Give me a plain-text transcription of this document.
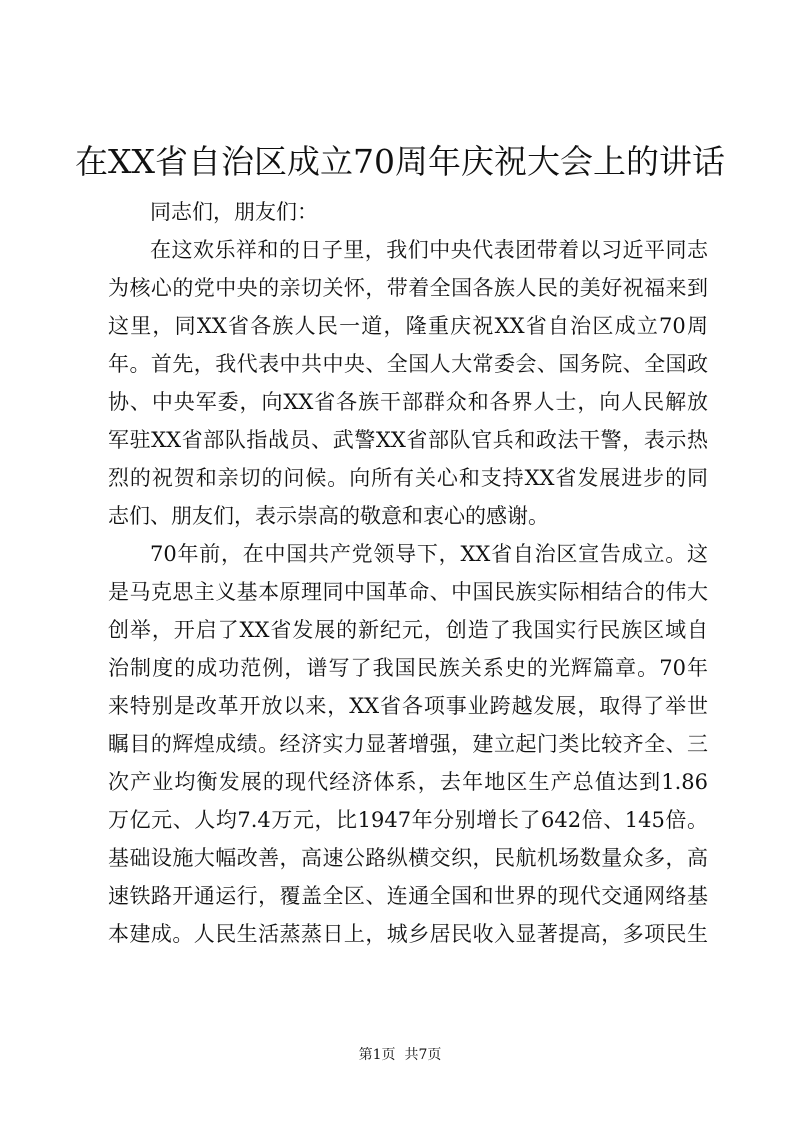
在XX省自治区成立70周年庆祝大会上的讲话
同志们，朋友们：
在这欢乐祥和的日子里，我们中央代表团带着以习近平同志
为核心的党中央的亲切关怀，带着全国各族人民的美好祝福来到
这里，同XX省各族人民一道，隆重庆祝XX省自治区成立70周
年。首先，我代表中共中央、全国人大常委会、国务院、全国政
协、中央军委，向XX省各族干部群众和各界人士，向人民解放
军驻XX省部队指战员、武警XX省部队官兵和政法干警，表示热
烈的祝贺和亲切的问候。向所有关心和支持XX省发展进步的同
志们、朋友们，表示崇高的敬意和衷心的感谢。
70年前，在中国共产党领导下，XX省自治区宣告成立。这
是马克思主义基本原理同中国革命、中国民族实际相结合的伟大
创举，开启了XX省发展的新纪元，创造了我国实行民族区域自
治制度的成功范例，谱写了我国民族关系史的光辉篇章。70年
来特别是改革开放以来，XX省各项事业跨越发展，取得了举世
瞩目的辉煌成绩。经济实力显著增强，建立起门类比较齐全、三
次产业均衡发展的现代经济体系，去年地区生产总值达到1.86
万亿元、人均7.4万元，比1947年分别增长了642倍、145倍。
基础设施大幅改善，高速公路纵横交织，民航机场数量众多，高
速铁路开通运行，覆盖全区、连通全国和世界的现代交通网络基
本建成。人民生活蒸蒸日上，城乡居民收入显著提高，多项民生
第1页  共7页
